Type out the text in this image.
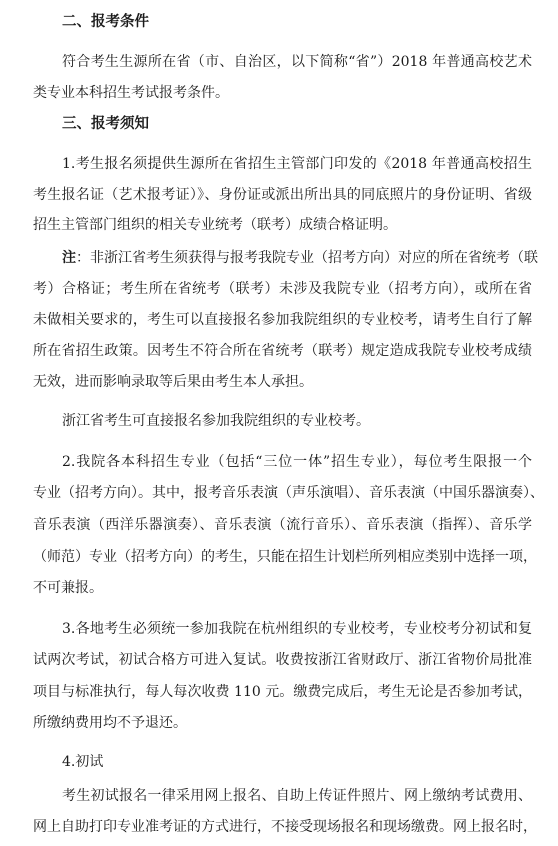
二、报考条件
符合考生生源所在省（市、自治区，以下简称“省”）2018 年普通高校艺术
类专业本科招生考试报考条件。
三、报考须知
1.考生报名须提供生源所在省招生主管部门印发的《2018 年普通高校招生
考生报名证（艺术报考证）》、身份证或派出所出具的同底照片的身份证明、省级
招生主管部门组织的相关专业统考（联考）成绩合格证明。
注 ：非浙江省考生须获得与报考我院专业（招考方向）对应的所在省统考（联
考）合格证；考生所在省统考（联考）未涉及我院专业（招考方向），或所在省
未做相关要求的，考生可以直接报名参加我院组织的专业校考，请考生自行了解
所在省招生政策。因考生不符合所在省统考（联考）规定造成我院专业校考成绩
无效，进而影响录取等后果由考生本人承担。
浙江省考生可直接报名参加我院组织的专业校考。
2.我院各本科招生专业（包括“三位一体”招生专业），每位考生限报一个
专业（招考方向）。其中，报考音乐表演（声乐演唱）、音乐表演（中国乐器演奏）、
音乐表演（西洋乐器演奏）、音乐表演（流行音乐）、音乐表演（指挥）、音乐学
（师范）专业（招考方向）的考生，只能在招生计划栏所列相应类别中选择一项，
不可兼报。
3.各地考生必须统一参加我院在杭州组织的专业校考，专业校考分初试和复
试两次考试，初试合格方可进入复试。收费按浙江省财政厅、浙江省物价局批准
项目与标准执行，每人每次收费 110 元。缴费完成后，考生无论是否参加考试，
所缴纳费用均不予退还。
4.初试
考生初试报名一律采用网上报名、自助上传证件照片、网上缴纳考试费用、
网上自助打印专业准考证的方式进行，不接受现场报名和现场缴费。网上报名时，
